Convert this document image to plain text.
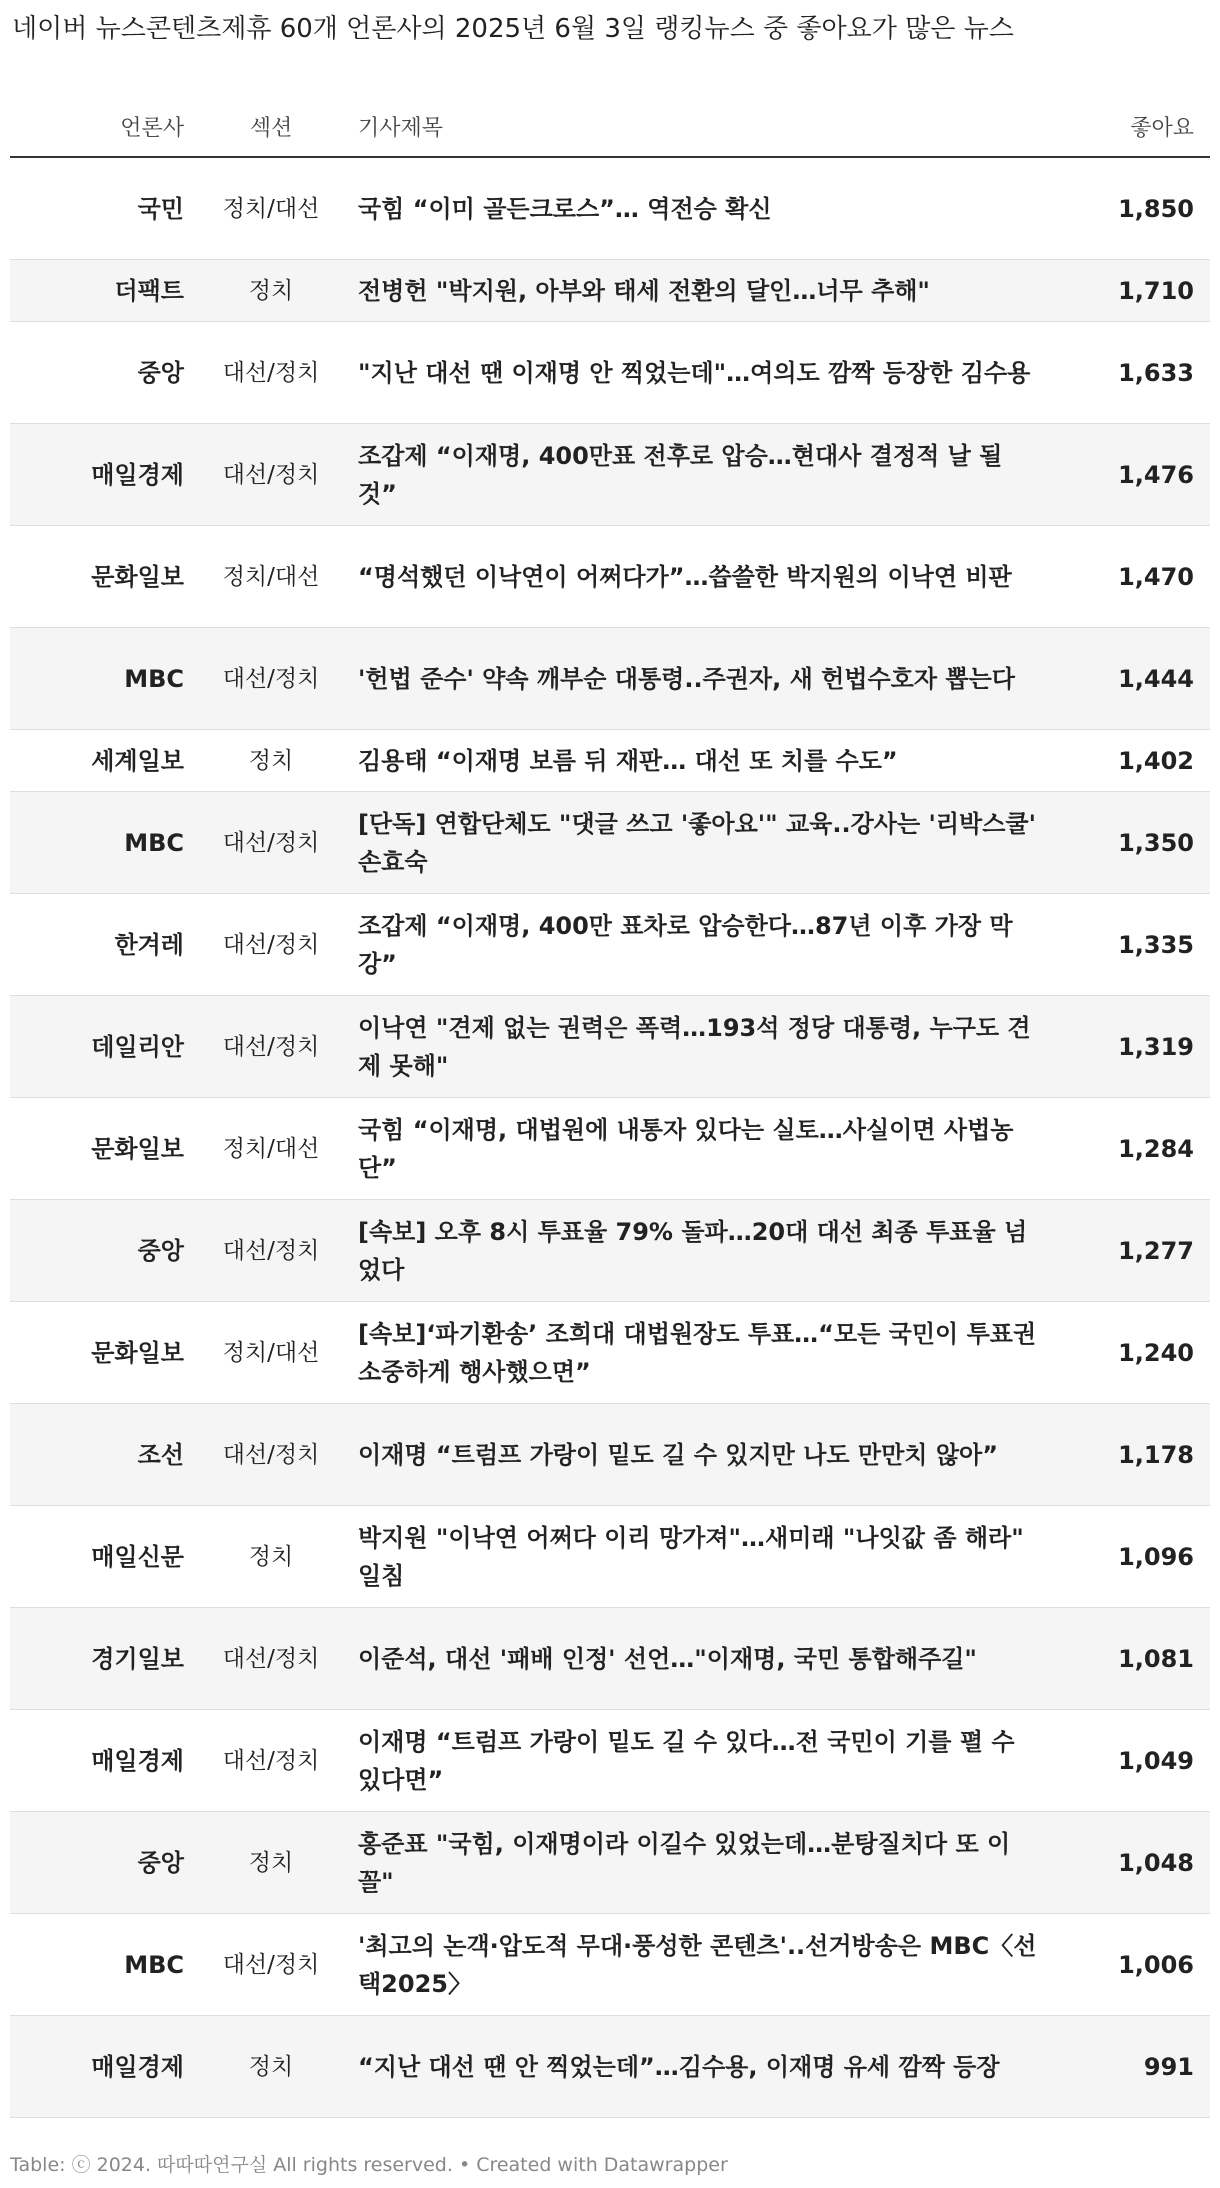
네이버 뉴스콘텐츠제휴 60개 언론사의 2025년 6월 3일 랭킹뉴스 중 좋아요가 많은 뉴스
언론사	섹션	기사제목	좋아요
국민	정치/대선	국힘 “이미 골든크로스”… 역전승 확신	1,850
더팩트	정치	전병헌 "박지원, 아부와 태세 전환의 달인…너무 추해"	1,710
중앙	대선/정치	"지난 대선 땐 이재명 안 찍었는데"…여의도 깜짝 등장한 김수용	1,633
매일경제	대선/정치	조갑제 “이재명, 400만표 전후로 압승…현대사 결정적 날 될 것”	1,476
문화일보	정치/대선	“명석했던 이낙연이 어쩌다가”…씁쓸한 박지원의 이낙연 비판	1,470
MBC	대선/정치	'헌법 준수' 약속 깨부순 대통령..주권자, 새 헌법수호자 뽑는다	1,444
세계일보	정치	김용태 “이재명 보름 뒤 재판… 대선 또 치를 수도”	1,402
MBC	대선/정치	[단독] 연합단체도 "댓글 쓰고 '좋아요'" 교육..강사는 '리박스쿨' 손효숙	1,350
한겨레	대선/정치	조갑제 “이재명, 400만 표차로 압승한다…87년 이후 가장 막강”	1,335
데일리안	대선/정치	이낙연 "견제 없는 권력은 폭력…193석 정당 대통령, 누구도 견제 못해"	1,319
문화일보	정치/대선	국힘 “이재명, 대법원에 내통자 있다는 실토…사실이면 사법농단”	1,284
중앙	대선/정치	[속보] 오후 8시 투표율 79% 돌파…20대 대선 최종 투표율 넘었다	1,277
문화일보	정치/대선	[속보]‘파기환송’ 조희대 대법원장도 투표…“모든 국민이 투표권 소중하게 행사했으면”	1,240
조선	대선/정치	이재명 “트럼프 가랑이 밑도 길 수 있지만 나도 만만치 않아”	1,178
매일신문	정치	박지원 "이낙연 어쩌다 이리 망가져"…새미래 "나잇값 좀 해라" 일침	1,096
경기일보	대선/정치	이준석, 대선 '패배 인정' 선언…"이재명, 국민 통합해주길"	1,081
매일경제	대선/정치	이재명 “트럼프 가랑이 밑도 길 수 있다…전 국민이 기를 펼 수 있다면”	1,049
중앙	정치	홍준표 "국힘, 이재명이라 이길수 있었는데…분탕질치다 또 이 꼴"	1,048
MBC	대선/정치	'최고의 논객·압도적 무대·풍성한 콘텐츠'..선거방송은 MBC〈선택2025〉	1,006
매일경제	정치	“지난 대선 땐 안 찍었는데”…김수용, 이재명 유세 깜짝 등장	991
Table: ⓒ 2024. 따따따연구실 All rights reserved. • Created with Datawrapper
